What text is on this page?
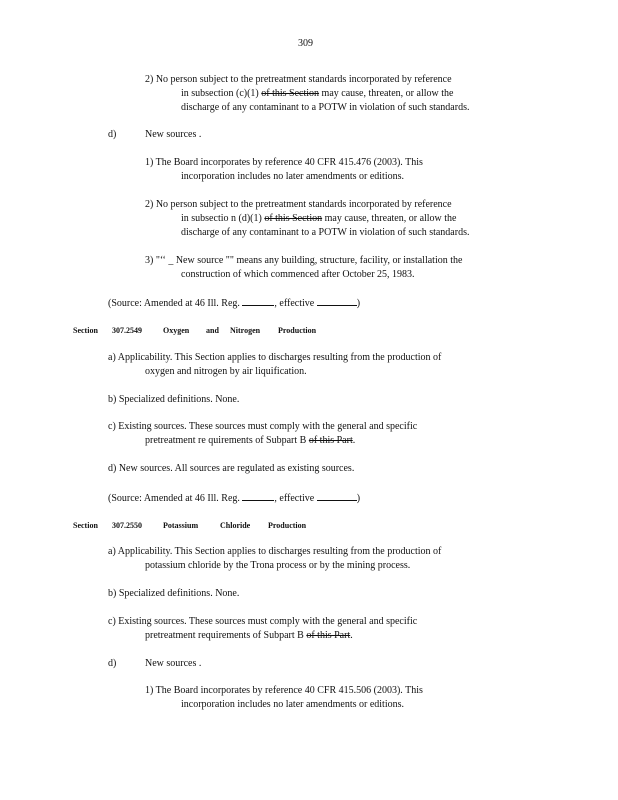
309
2) No person subject to the pretreatment standards incorporated by reference
in subsection (c)(1) of this Section may cause, threaten, or allow the
discharge of any contaminant to a POTW in violation of such standards.
d)	New sources .
1) The Board incorporates by reference 40 CFR 415.476 (2003). This
incorporation includes no later amendments or editions.
2) No person subject to the pretreatment standards incorporated by reference
in subsectio n (d)(1) of this Section may cause, threaten, or allow the
discharge of any contaminant to a POTW in violation of such standards.
3) "‘‘ _ New source "" means any building, structure, facility, or installation the
construction of which commenced after October 25, 1983.
(Source: Amended at 46 Ill. Reg.	, effective	)
Section 307.2549	Oxygen and Nitrogen Production
a) Applicability. This Section applies to discharges resulting from the production of
oxygen and nitrogen by air liquification.
b) Specialized definitions. None.
c) Existing sources. These sources must comply with the general and specific
pretreatment re quirements of Subpart B of this Part.
d) New sources. All sources are regulated as existing sources.
(Source: Amended at 46 Ill. Reg.	, effective	)
Section 307.2550	Potassium	Chloride Production
a) Applicability. This Section applies to discharges resulting from the production of
potassium chloride by the Trona process or by the mining process.
b) Specialized definitions. None.
c) Existing sources. These sources must comply with the general and specific
pretreatment requirements of Subpart B of this Part.
d)	New sources .
1) The Board incorporates by reference 40 CFR 415.506 (2003). This
incorporation includes no later amendments or editions.
